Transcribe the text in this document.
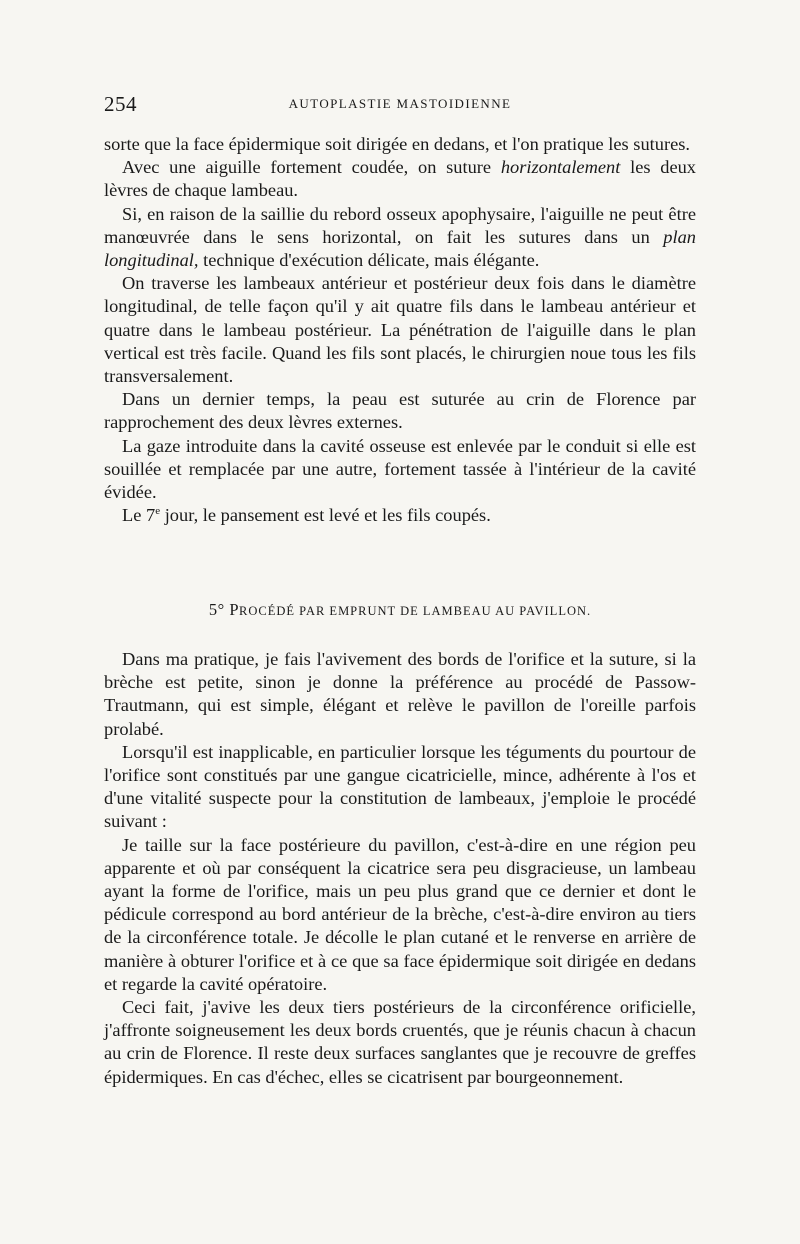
254	AUTOPLASTIE MASTOIDIENNE

sorte que la face épidermique soit dirigée en dedans, et l'on pratique les sutures.

Avec une aiguille fortement coudée, on suture horizontalement les deux lèvres de chaque lambeau.

Si, en raison de la saillie du rebord osseux apophysaire, l'aiguille ne peut être manœuvrée dans le sens horizontal, on fait les sutures dans un plan longitudinal, technique d'exécution délicate, mais élégante.

On traverse les lambeaux antérieur et postérieur deux fois dans le diamètre longitudinal, de telle façon qu'il y ait quatre fils dans le lambeau antérieur et quatre dans le lambeau postérieur. La pénétration de l'aiguille dans le plan vertical est très facile. Quand les fils sont placés, le chirurgien noue tous les fils transversalement.

Dans un dernier temps, la peau est suturée au crin de Florence par rapprochement des deux lèvres externes.

La gaze introduite dans la cavité osseuse est enlevée par le conduit si elle est souillée et remplacée par une autre, fortement tassée à l'intérieur de la cavité évidée.

Le 7e jour, le pansement est levé et les fils coupés.

5° PROCÉDÉ PAR EMPRUNT DE LAMBEAU AU PAVILLON.

Dans ma pratique, je fais l'avivement des bords de l'orifice et la suture, si la brèche est petite, sinon je donne la préférence au procédé de Passow-Trautmann, qui est simple, élégant et relève le pavillon de l'oreille parfois prolabé.

Lorsqu'il est inapplicable, en particulier lorsque les téguments du pourtour de l'orifice sont constitués par une gangue cicatricielle, mince, adhérente à l'os et d'une vitalité suspecte pour la constitution de lambeaux, j'emploie le procédé suivant :

Je taille sur la face postérieure du pavillon, c'est-à-dire en une région peu apparente et où par conséquent la cicatrice sera peu disgracieuse, un lambeau ayant la forme de l'orifice, mais un peu plus grand que ce dernier et dont le pédicule correspond au bord antérieur de la brèche, c'est-à-dire environ au tiers de la circonférence totale. Je décolle le plan cutané et le renverse en arrière de manière à obturer l'orifice et à ce que sa face épidermique soit dirigée en dedans et regarde la cavité opératoire.

Ceci fait, j'avive les deux tiers postérieurs de la circonférence orificielle, j'affronte soigneusement les deux bords cruentés, que je réunis chacun à chacun au crin de Florence. Il reste deux surfaces sanglantes que je recouvre de greffes épidermiques. En cas d'échec, elles se cicatrisent par bourgeonnement.
